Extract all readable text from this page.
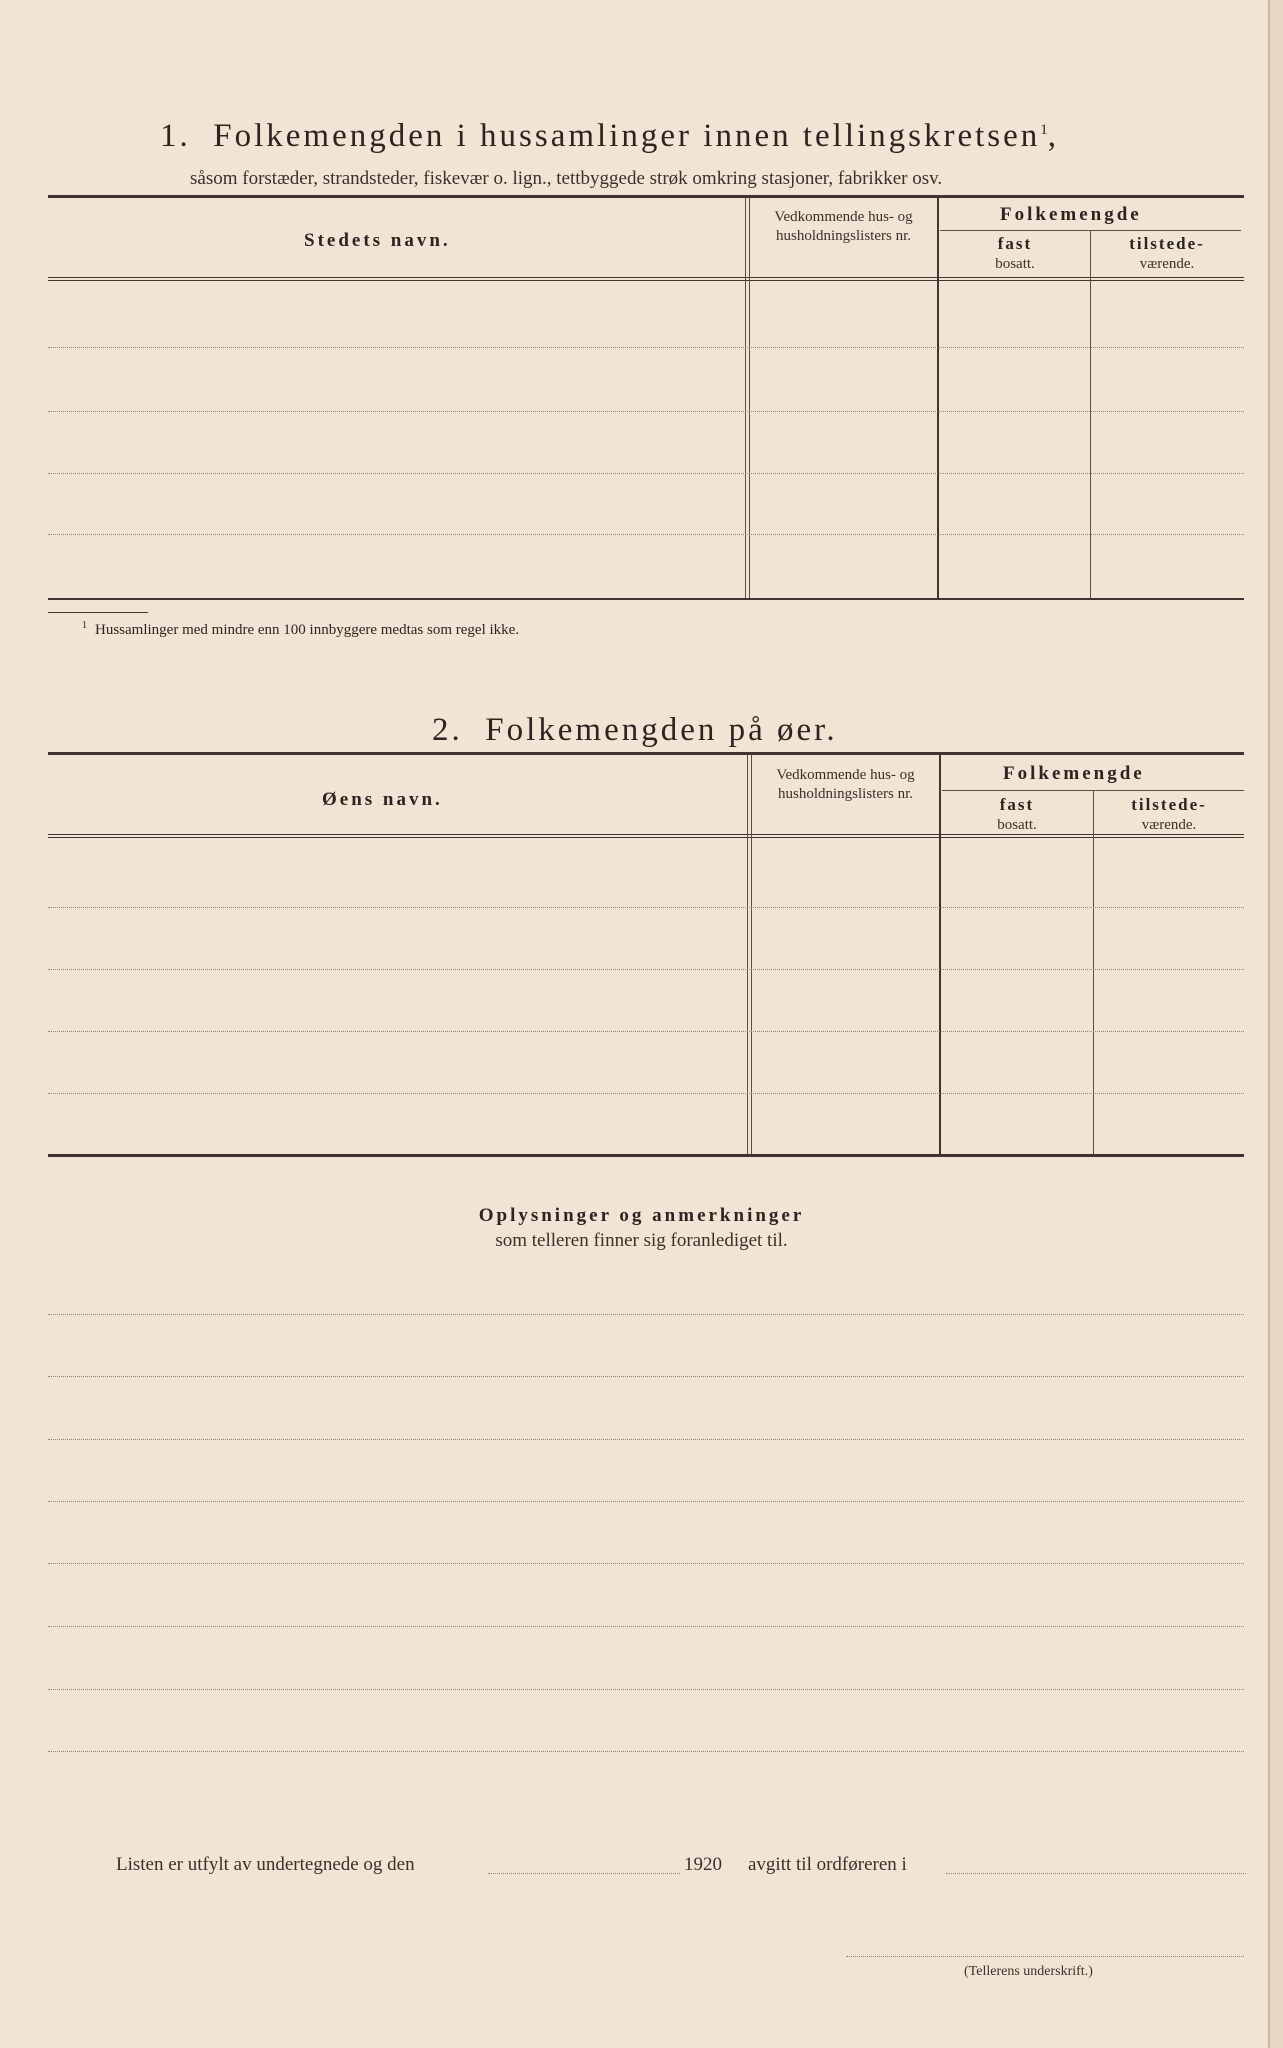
1. Folkemengden i hussamlinger innen tellingskretsen$^1$,
såsom forstæder, strandsteder, fiskevær o. lign., tettbyggede strøk omkring stasjoner, fabrikker osv.
Stedets navn.
Vedkommende hus- og husholdningslisters nr.
Folkemengde
fast
bosatt.
tilstede-
værende.
$^1$ Hussamlinger med mindre enn 100 innbyggere medtas som regel ikke.
2. Folkemengden på øer.
Øens navn.
Vedkommende hus- og husholdningslisters nr.
Folkemengde
fast
bosatt.
tilstede-
værende.
Oplysninger og anmerkninger
som telleren finner sig foranlediget til.
Listen er utfylt av undertegnede og den	1920 avgitt til ordføreren i
(Tellerens underskrift.)
